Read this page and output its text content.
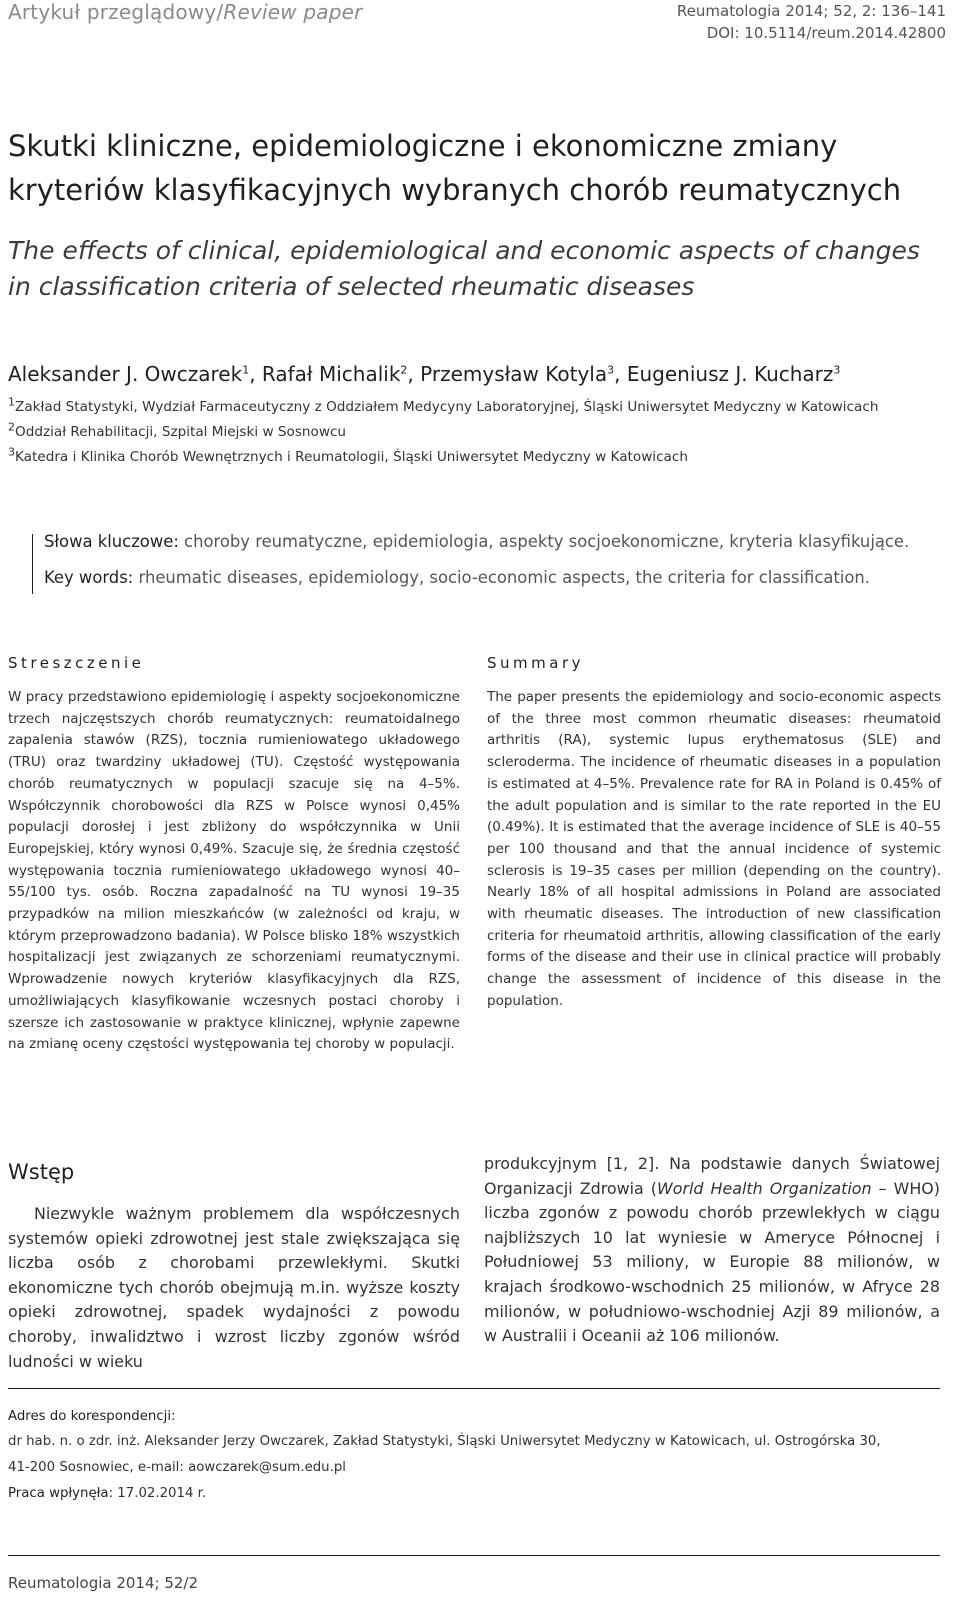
Artykuł przeglądowy/Review paper	Reumatologia 2014; 52, 2: 136–141
DOI: 10.5114/reum.2014.42800
Skutki kliniczne, epidemiologiczne i ekonomiczne zmiany kryteriów klasyfikacyjnych wybranych chorób reumatycznych
The effects of clinical, epidemiological and economic aspects of changes in classification criteria of selected rheumatic diseases
Aleksander J. Owczarek$^1$, Rafał Michalik$^2$, Przemysław Kotyla$^3$, Eugeniusz J. Kucharz$^3$
$^1$Zakład Statystyki, Wydział Farmaceutyczny z Oddziałem Medycyny Laboratoryjnej, Śląski Uniwersytet Medyczny w Katowicach
$^2$Oddział Rehabilitacji, Szpital Miejski w Sosnowcu
$^3$Katedra i Klinika Chorób Wewnętrznych i Reumatologii, Śląski Uniwersytet Medyczny w Katowicach
Słowa kluczowe: choroby reumatyczne, epidemiologia, aspekty socjoekonomiczne, kryteria klasyfikujące.
Key words: rheumatic diseases, epidemiology, socio-economic aspects, the criteria for classification.
Streszczenie
W pracy przedstawiono epidemiologię i aspekty socjoekonomiczne trzech najczęstszych chorób reumatycznych: reumatoidalnego zapalenia stawów (RZS), tocznia rumieniowatego układowego (TRU) oraz twardziny układowej (TU). Częstość występowania chorób reumatycznych w populacji szacuje się na 4–5%. Współczynnik chorobowości dla RZS w Polsce wynosi 0,45% populacji dorosłej i jest zbliżony do współczynnika w Unii Europejskiej, który wynosi 0,49%. Szacuje się, że średnia częstość występowania tocznia rumieniowatego układowego wynosi 40–55/100 tys. osób. Roczna zapadalność na TU wynosi 19–35 przypadków na milion mieszkańców (w zależności od kraju, w którym przeprowadzono badania). W Polsce blisko 18% wszystkich hospitalizacji jest związanych ze schorzeniami reumatycznymi. Wprowadzenie nowych kryteriów klasyfikacyjnych dla RZS, umożliwiających klasyfikowanie wczesnych postaci choroby i szersze ich zastosowanie w praktyce klinicznej, wpłynie zapewne na zmianę oceny częstości występowania tej choroby w populacji.
Summary
The paper presents the epidemiology and socio-economic aspects of the three most common rheumatic diseases: rheumatoid arthritis (RA), systemic lupus erythematosus (SLE) and scleroderma. The incidence of rheumatic diseases in a population is estimated at 4–5%. Prevalence rate for RA in Poland is 0.45% of the adult population and is similar to the rate reported in the EU (0.49%). It is estimated that the average incidence of SLE is 40–55 per 100 thousand and that the annual incidence of systemic sclerosis is 19–35 cases per million (depending on the country). Nearly 18% of all hospital admissions in Poland are associated with rheumatic diseases. The introduction of new classification criteria for rheumatoid arthritis, allowing classification of the early forms of the disease and their use in clinical practice will probably change the assessment of incidence of this disease in the population.
Wstęp
Niezwykle ważnym problemem dla współczesnych systemów opieki zdrowotnej jest stale zwiększająca się liczba osób z chorobami przewlekłymi. Skutki ekonomiczne tych chorób obejmują m.in. wyższe koszty opieki zdrowotnej, spadek wydajności z powodu choroby, inwalidztwo i wzrost liczby zgonów wśród ludności w wieku
produkcyjnym [1, 2]. Na podstawie danych Światowej Organizacji Zdrowia (World Health Organization – WHO) liczba zgonów z powodu chorób przewlekłych w ciągu najbliższych 10 lat wyniesie w Ameryce Północnej i Południowej 53 miliony, w Europie 88 milionów, w krajach środkowo-wschodnich 25 milionów, w Afryce 28 milionów, w południowo-wschodniej Azji 89 milionów, a w Australii i Oceanii aż 106 milionów.
Adres do korespondencji:
dr hab. n. o zdr. inż. Aleksander Jerzy Owczarek, Zakład Statystyki, Śląski Uniwersytet Medyczny w Katowicach, ul. Ostrogórska 30,
41-200 Sosnowiec, e-mail: aowczarek@sum.edu.pl
Praca wpłynęła: 17.02.2014 r.
Reumatologia 2014; 52/2
